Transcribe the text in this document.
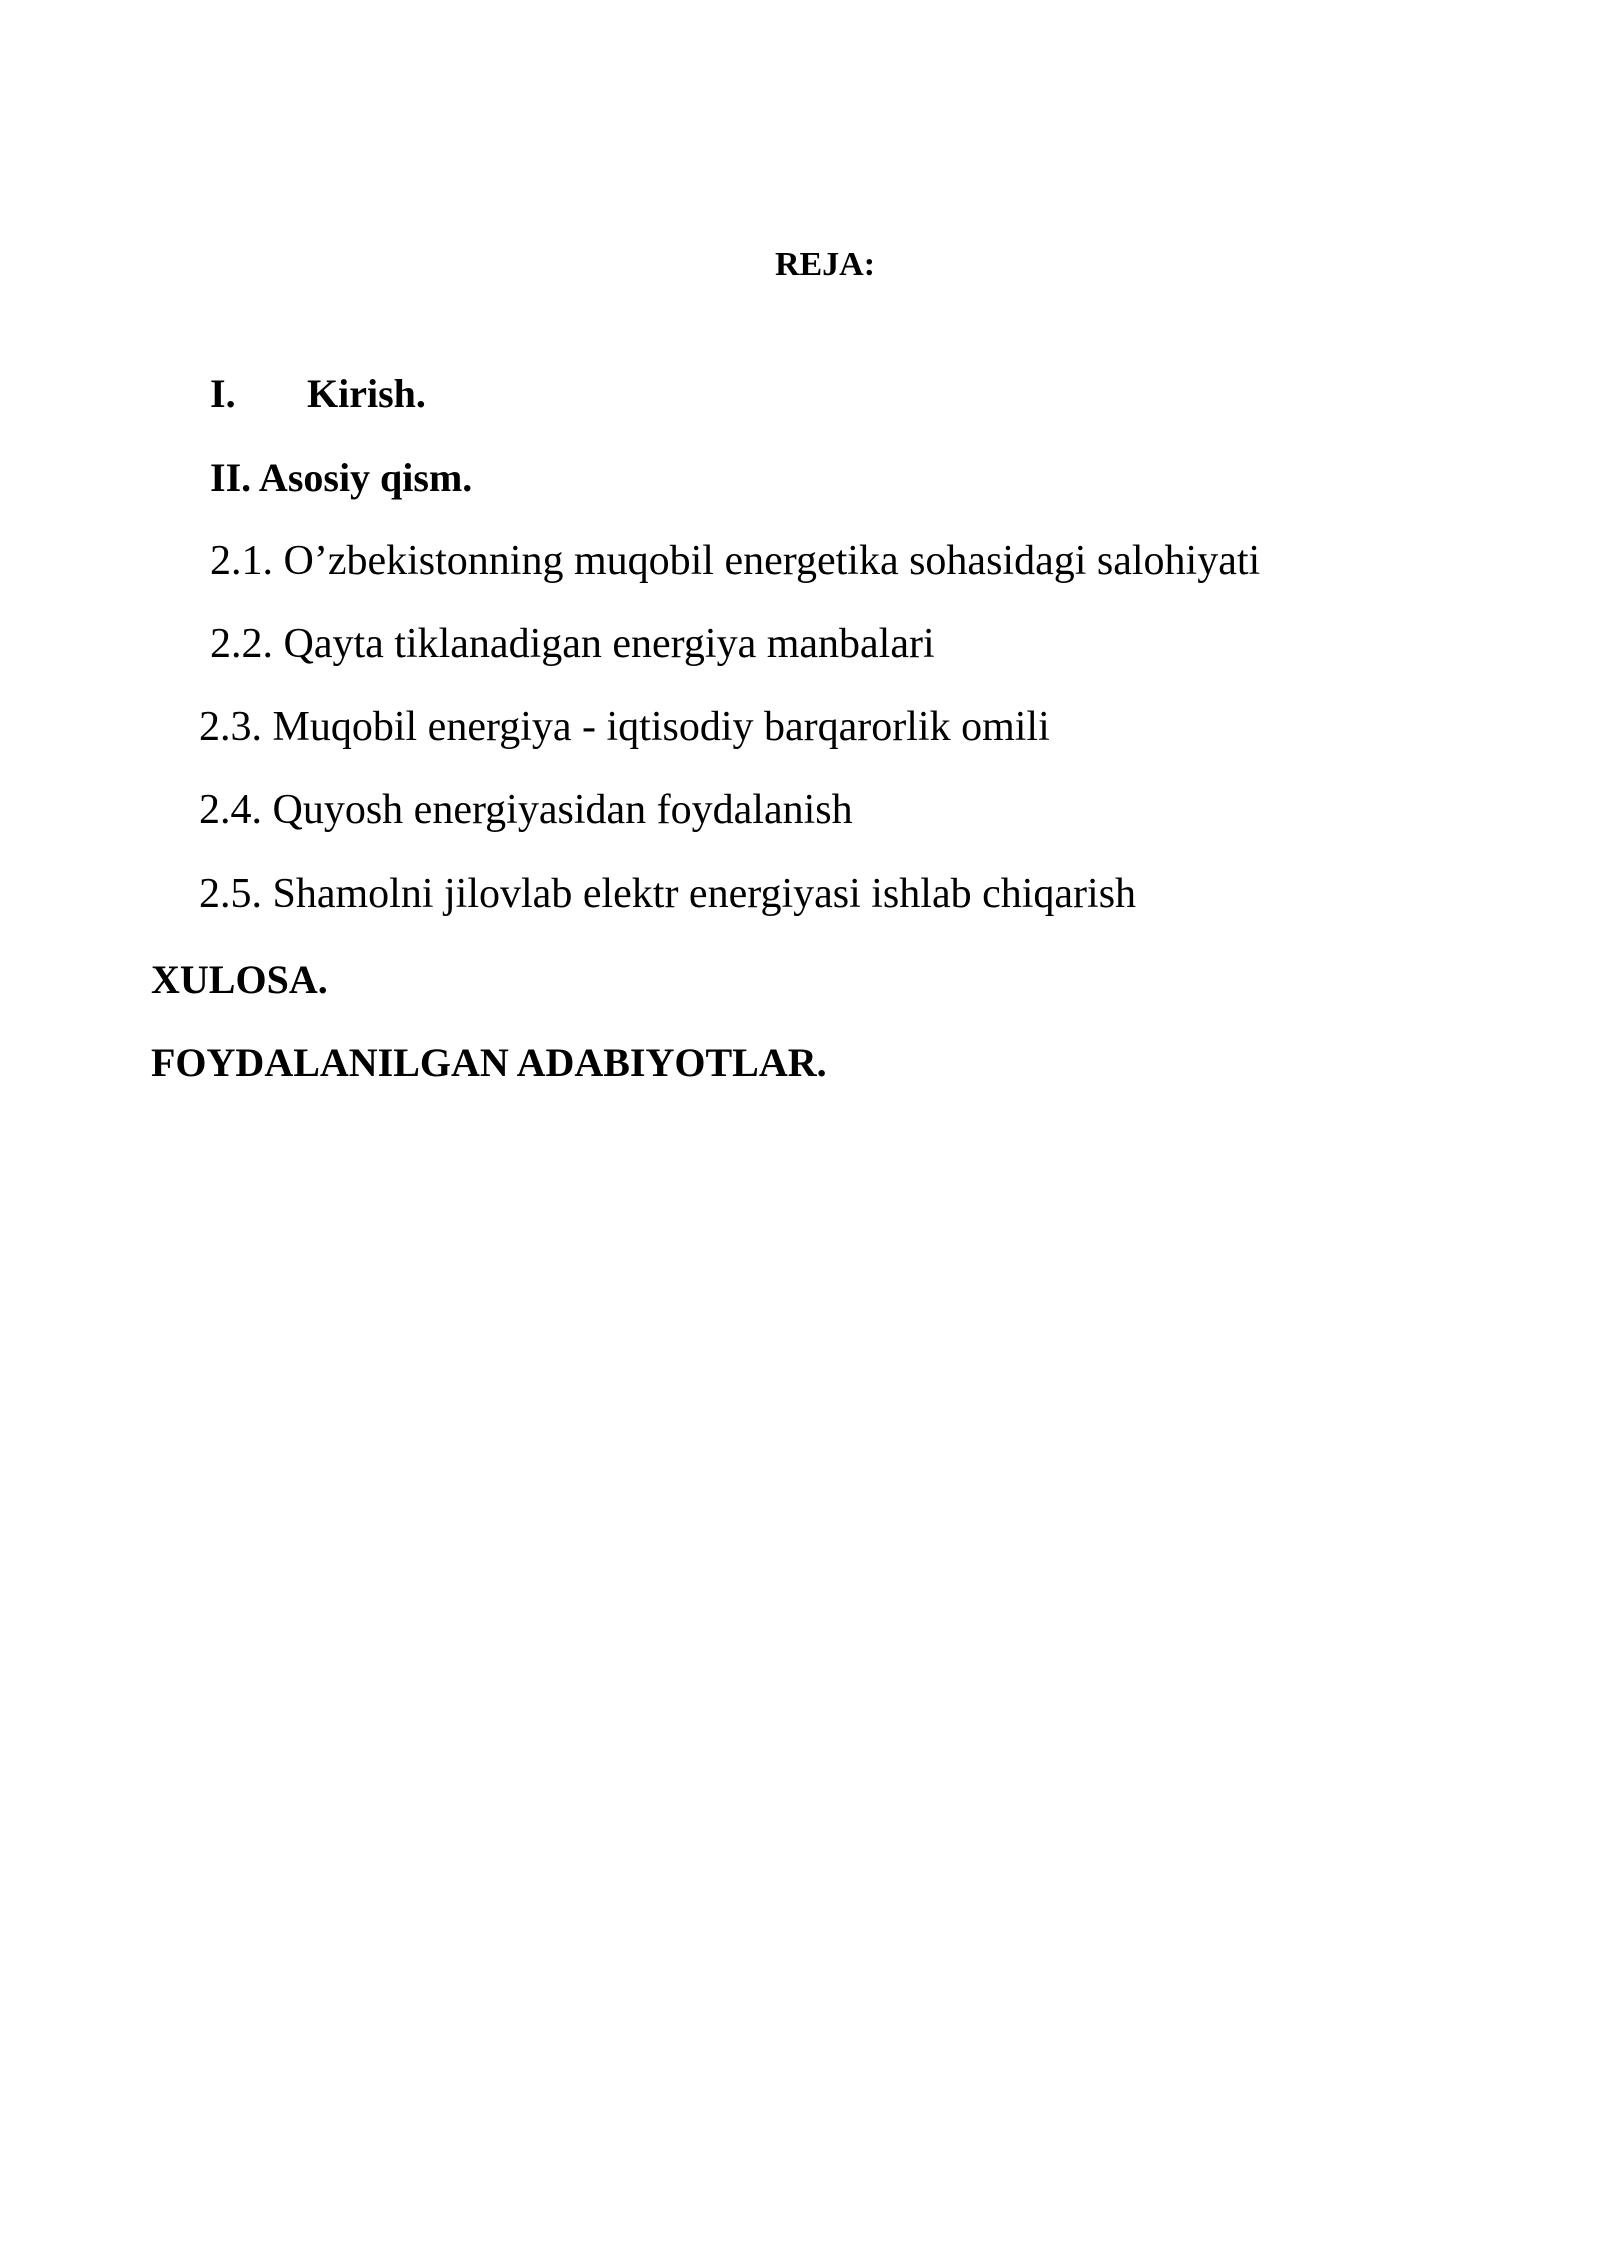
REJA:
I. Kirish.
II. Asosiy qism.
2.1. O’zbekistonning muqobil energetika sohasidagi salohiyati
2.2. Qayta tiklanadigan energiya manbalari
2.3. Muqobil energiya - iqtisodiy barqarorlik omili
2.4. Quyosh energiyasidan foydalanish
2.5. Shamolni jilovlab elektr energiyasi ishlab chiqarish
XULOSA.
FOYDALANILGAN ADABIYOTLAR.
